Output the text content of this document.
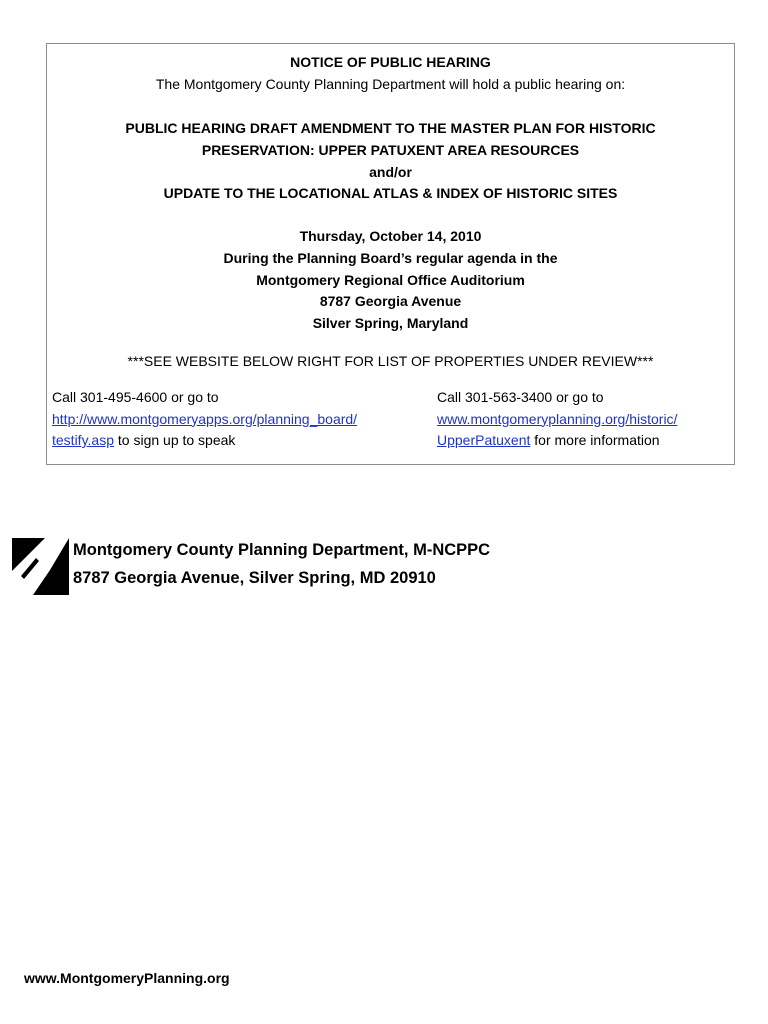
NOTICE OF PUBLIC HEARING
The Montgomery County Planning Department will hold a public hearing on:
PUBLIC HEARING DRAFT AMENDMENT TO THE MASTER PLAN FOR HISTORIC
PRESERVATION: UPPER PATUXENT AREA RESOURCES
and/or
UPDATE TO THE LOCATIONAL ATLAS & INDEX OF HISTORIC SITES
Thursday, October 14, 2010
During the Planning Board’s regular agenda in the
Montgomery Regional Office Auditorium
8787 Georgia Avenue
Silver Spring, Maryland
***SEE WEBSITE BELOW RIGHT FOR LIST OF PROPERTIES UNDER REVIEW***
Call 301-495-4600 or go to
http://www.montgomeryapps.org/planning_board/
testify.asp to sign up to speak
Call 301-563-3400 or go to
www.montgomeryplanning.org/historic/
UpperPatuxent for more information
Montgomery County Planning Department, M-NCPPC
8787 Georgia Avenue, Silver Spring, MD 20910
www.MontgomeryPlanning.org
